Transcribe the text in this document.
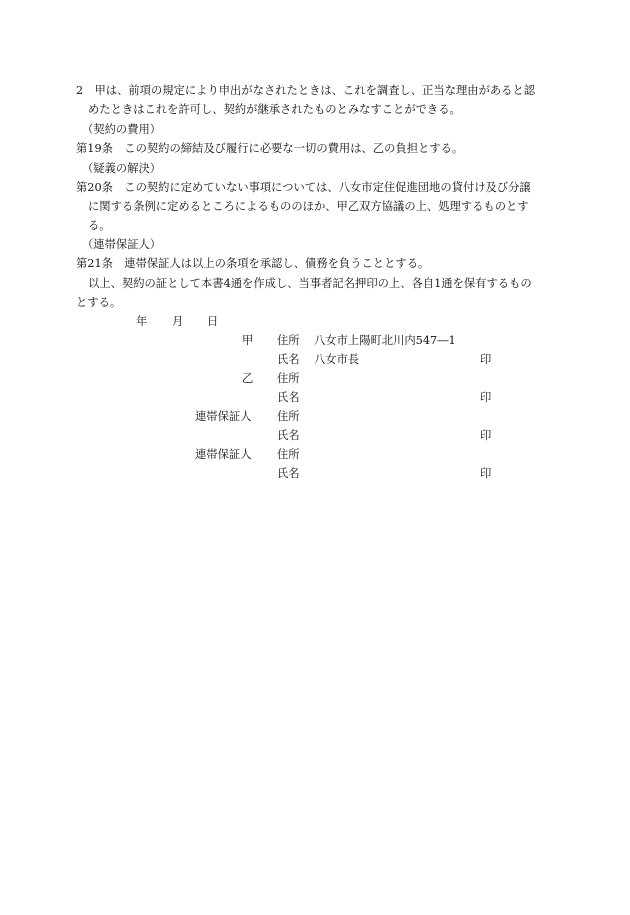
2　甲は、前項の規定により申出がなされたときは、これを調査し、正当な理由があると認
めたときはこれを許可し、契約が継承されたものとみなすことができる。
（契約の費用）
第19条　この契約の締結及び履行に必要な一切の費用は、乙の負担とする。
（疑義の解決）
第20条　この契約に定めていない事項については、八女市定住促進団地の貸付け及び分譲
に関する条例に定めるところによるもののほか、甲乙双方協議の上、処理するものとす
る。
（連帯保証人）
第21条　連帯保証人は以上の条項を承認し、債務を負うこととする。
以上、契約の証として本書4通を作成し、当事者記名押印の上、各自1通を保有するもの
とする。
年 月 日
甲 住所 八女市上陽町北川内547―1
氏名 八女市長	印
乙 住所
氏名	印
連帯保証人 住所
氏名	印
連帯保証人 住所
氏名	印
